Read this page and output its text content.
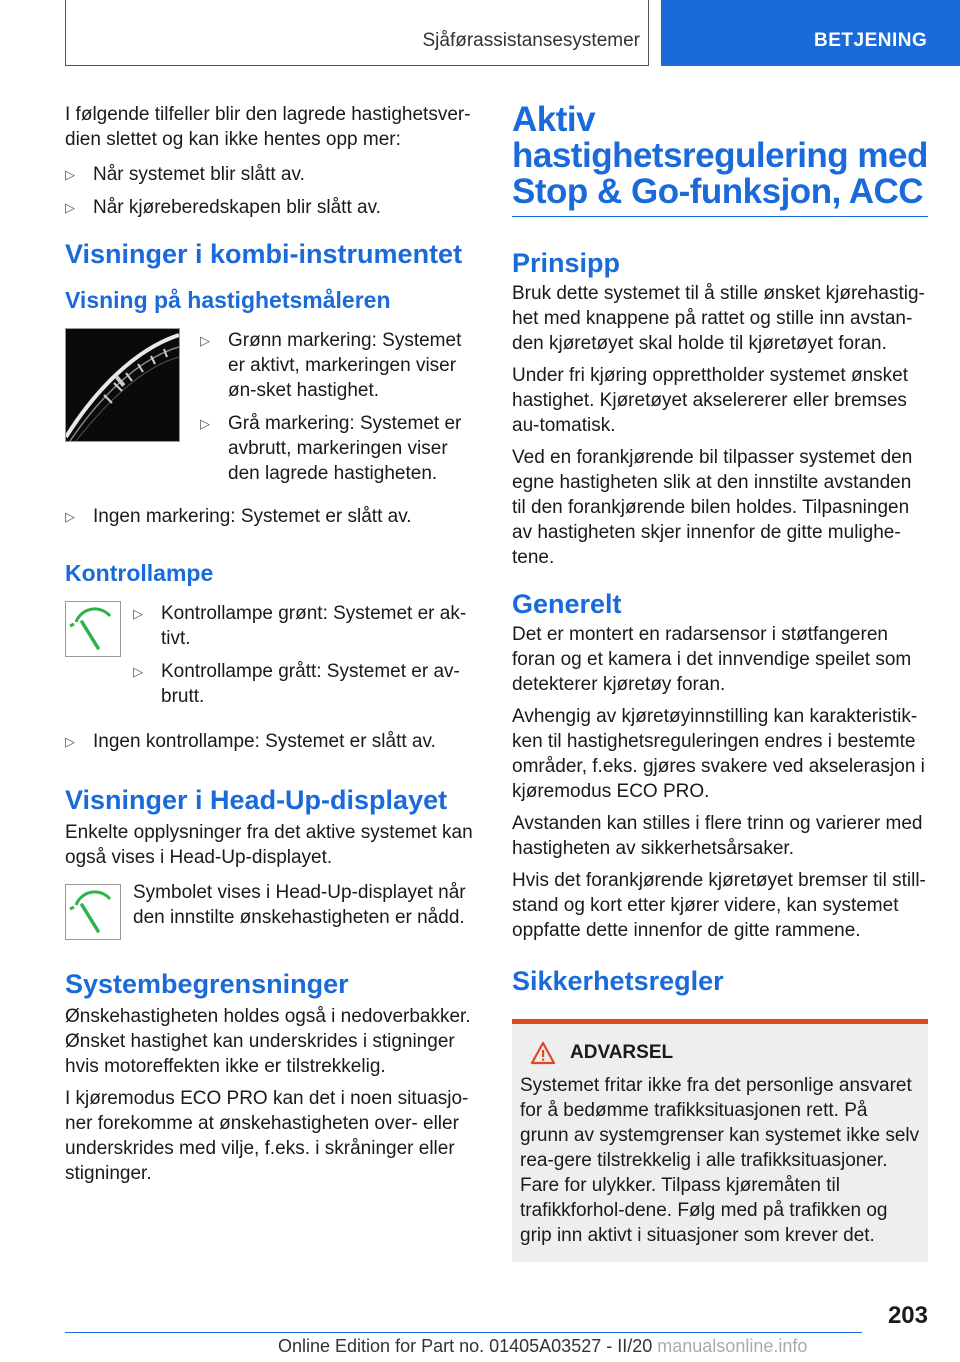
Sjåførassistansesystemer	BETJENING

I følgende tilfeller blir den lagrede hastighetsver-dien slettet og kan ikke hentes opp mer:

▷ Når systemet blir slått av.
▷ Når kjøreberedskapen blir slått av.
Visninger i kombi-instrumentet
Visning på hastighetsmåleren
▷ Grønn markering: Systemet er aktivt, markeringen viser øn-sket hastighet.
▷ Grå markering: Systemet er avbrutt, markeringen viser den lagrede hastigheten.
▷ Ingen markering: Systemet er slått av.
Kontrollampe
▷ Kontrollampe grønt: Systemet er ak-tivt.
▷ Kontrollampe grått: Systemet er av-brutt.
▷ Ingen kontrollampe: Systemet er slått av.
Visninger i Head-Up-displayet

Enkelte opplysninger fra det aktive systemet kan også vises i Head-Up-displayet.

Symbolet vises i Head-Up-displayet når den innstilte ønskehastigheten er nådd.

Systembegrensninger

Ønskehastigheten holdes også i nedoverbakker. Ønsket hastighet kan underskrides i stigninger hvis motoreffekten ikke er tilstrekkelig.

I kjøremodus ECO PRO kan det i noen situasjo-ner forekomme at ønskehastigheten over- eller underskrides med vilje, f.eks. i skråninger eller stigninger.

Aktiv hastighetsregulering med Stop & Go-funksjon, ACC
Prinsipp

Bruk dette systemet til å stille ønsket kjørehastig-het med knappene på rattet og stille inn avstan-den kjøretøyet skal holde til kjøretøyet foran.

Under fri kjøring opprettholder systemet ønsket hastighet. Kjøretøyet akselererer eller bremses au-tomatisk.

Ved en forankjørende bil tilpasser systemet den egne hastigheten slik at den innstilte avstanden til den forankjørende bilen holdes. Tilpasningen av hastigheten skjer innenfor de gitte mulighe-tene.

Generelt

Det er montert en radarsensor i støtfangeren foran og et kamera i det innvendige speilet som detekterer kjøretøy foran.

Avhengig av kjøretøyinnstilling kan karakteristik-ken til hastighetsreguleringen endres i bestemte områder, f.eks. gjøres svakere ved akselerasjon i kjøremodus ECO PRO.

Avstanden kan stilles i flere trinn og varierer med hastigheten av sikkerhetsårsaker.

Hvis det forankjørende kjøretøyet bremser til still-stand og kort etter kjører videre, kan systemet oppfatte dette innenfor de gitte rammene.

Sikkerhetsregler
ADVARSEL

Systemet fritar ikke fra det personlige ansvaret for å bedømme trafikksituasjonen rett. På grunn av systemgrenser kan systemet ikke selv rea-gere tilstrekkelig i alle trafikksituasjoner. Fare for ulykker. Tilpass kjøremåten til trafikkforhol-dene. Følg med på trafikken og grip inn aktivt i situasjoner som krever det.

203
Online Edition for Part no. 01405A03527 - II/20 manualsonline.info
